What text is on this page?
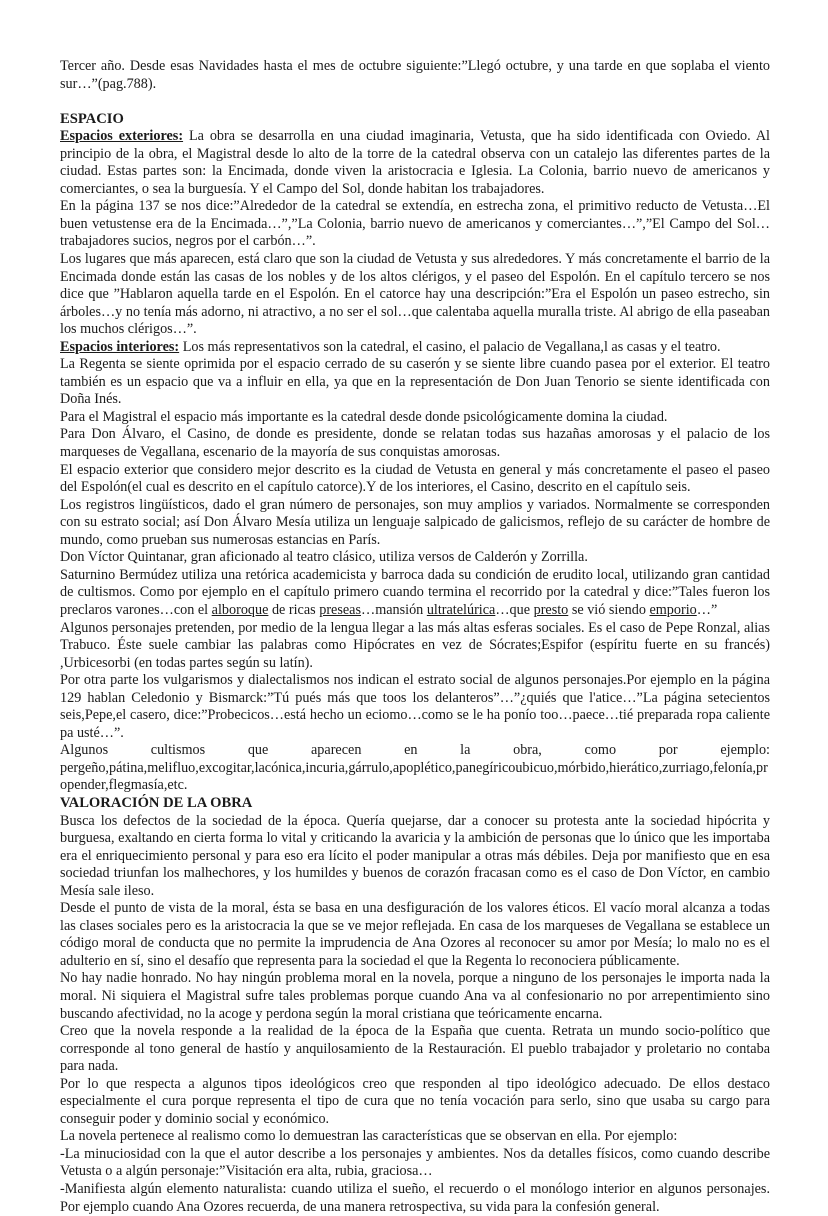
Tercer año. Desde esas Navidades hasta el mes de octubre siguiente:”Llegó octubre, y una tarde en que soplaba el viento sur…”(pag.788).

ESPACIO

Espacios exteriores: La obra se desarrolla en una ciudad imaginaria, Vetusta, que ha sido identificada con Oviedo. Al principio de la obra, el Magistral desde lo alto de la torre de la catedral observa con un catalejo las diferentes partes de la ciudad. Estas partes son: la Encimada, donde viven la aristocracia e Iglesia. La Colonia, barrio nuevo de americanos y comerciantes, o sea la burguesía. Y el Campo del Sol, donde habitan los trabajadores.

En la página 137 se nos dice:”Alrededor de la catedral se extendía, en estrecha zona, el primitivo reducto de Vetusta…El buen vetustense era de la Encimada…”,”La Colonia, barrio nuevo de americanos y comerciantes…”,”El Campo del Sol…trabajadores sucios, negros por el carbón…”.

Los lugares que más aparecen, está claro que son la ciudad de Vetusta y sus alrededores. Y más concretamente el barrio de la Encimada donde están las casas de los nobles y de los altos clérigos, y el paseo del Espolón. En el capítulo tercero se nos dice que ”Hablaron aquella tarde en el Espolón. En el catorce hay una descripción:”Era el Espolón un paseo estrecho, sin árboles…y no tenía más adorno, ni atractivo, a no ser el sol…que calentaba aquella muralla triste. Al abrigo de ella paseaban los muchos clérigos…”.

Espacios interiores: Los más representativos son la catedral, el casino, el palacio de Vegallana,l as casas y el teatro.

La Regenta se siente oprimida por el espacio cerrado de su caserón y se siente libre cuando pasea por el exterior. El teatro también es un espacio que va a influir en ella, ya que en la representación de Don Juan Tenorio se siente identificada con Doña Inés.

Para el Magistral el espacio más importante es la catedral desde donde psicológicamente domina la ciudad.

Para Don Álvaro, el Casino, de donde es presidente, donde se relatan todas sus hazañas amorosas y el palacio de los marqueses de Vegallana, escenario de la mayoría de sus conquistas amorosas.

El espacio exterior que considero mejor descrito es la ciudad de Vetusta en general y más concretamente el paseo el paseo del Espolón(el cual es descrito en el capítulo catorce).Y de los interiores, el Casino, descrito en el capítulo seis.

Los registros lingüísticos, dado el gran número de personajes, son muy amplios y variados. Normalmente se corresponden con su estrato social; así Don Álvaro Mesía utiliza un lenguaje salpicado de galicismos, reflejo de su carácter de hombre de mundo, como prueban sus numerosas estancias en París.

Don Víctor Quintanar, gran aficionado al teatro clásico, utiliza versos de Calderón y Zorrilla.

Saturnino Bermúdez utiliza una retórica academicista y barroca dada su condición de erudito local, utilizando gran cantidad de cultismos. Como por ejemplo en el capítulo primero cuando termina el recorrido por la catedral y dice:”Tales fueron los preclaros varones…con el alboroque de ricas preseas…mansión ultratelúrica…que presto se vió siendo emporio…”

Algunos personajes pretenden, por medio de la lengua llegar a las más altas esferas sociales. Es el caso de Pepe Ronzal, alias Trabuco. Éste suele cambiar las palabras como Hipócrates en vez de Sócrates;Espifor (espíritu fuerte en su francés) ,Urbicesorbi (en todas partes según su latín).

Por otra parte los vulgarismos y dialectalismos nos indican el estrato social de algunos personajes.Por ejemplo en la página 129 hablan Celedonio y Bismarck:”Tú pués más que toos los delanteros”…”¿quiés que l'atice…”La página setecientos seis,Pepe,el casero, dice:”Probecicos…está hecho un eciomo…como se le ha ponío too…paece…tié preparada ropa caliente pa usté…”.

Algunos cultismos que aparecen en la obra, como por ejemplo:

pergeño,pátina,melifluo,excogitar,lacónica,incuria,gárrulo,apoplético,panegíricoubicuo,mórbido,hierático,zurriago,felonía,propender,flegmasía,etc.

VALORACIÓN DE LA OBRA

Busca los defectos de la sociedad de la época. Quería quejarse, dar a conocer su protesta ante la sociedad hipócrita y burguesa, exaltando en cierta forma lo vital y criticando la avaricia y la ambición de personas que lo único que les importaba era el enriquecimiento personal y para eso era lícito el poder manipular a otras más débiles. Deja por manifiesto que en esa sociedad triunfan los malhechores, y los humildes y buenos de corazón fracasan como es el caso de Don Víctor, en cambio Mesía sale ileso.

Desde el punto de vista de la moral, ésta se basa en una desfiguración de los valores éticos. El vacío moral alcanza a todas las clases sociales pero es la aristocracia la que se ve mejor reflejada. En casa de los marqueses de Vegallana se establece un código moral de conducta que no permite la imprudencia de Ana Ozores al reconocer su amor por Mesía; lo malo no es el adulterio en sí, sino el desafío que representa para la sociedad el que la Regenta lo reconociera públicamente.

No hay nadie honrado. No hay ningún problema moral en la novela, porque a ninguno de los personajes le importa nada la moral. Ni siquiera el Magistral sufre tales problemas porque cuando Ana va al confesionario no por arrepentimiento sino buscando afectividad, no la acoge y perdona según la moral cristiana que teóricamente encarna.

Creo que la novela responde a la realidad de la época de la España que cuenta. Retrata un mundo socio-político que corresponde al tono general de hastío y anquilosamiento de la Restauración. El pueblo trabajador y proletario no contaba para nada.

Por lo que respecta a algunos tipos ideológicos creo que responden al tipo ideológico adecuado. De ellos destaco especialmente el cura porque representa el tipo de cura que no tenía vocación para serlo, sino que usaba su cargo para conseguir poder y dominio social y económico.

La novela pertenece al realismo como lo demuestran las características que se observan en ella. Por ejemplo:

-La minuciosidad con la que el autor describe a los personajes y ambientes. Nos da detalles físicos, como cuando describe Vetusta o a algún personaje:”Visitación era alta, rubia, graciosa…

-Manifiesta algún elemento naturalista: cuando utiliza el sueño, el recuerdo o el monólogo interior en algunos personajes. Por ejemplo cuando Ana Ozores recuerda, de una manera retrospectiva, su vida para la confesión general.
